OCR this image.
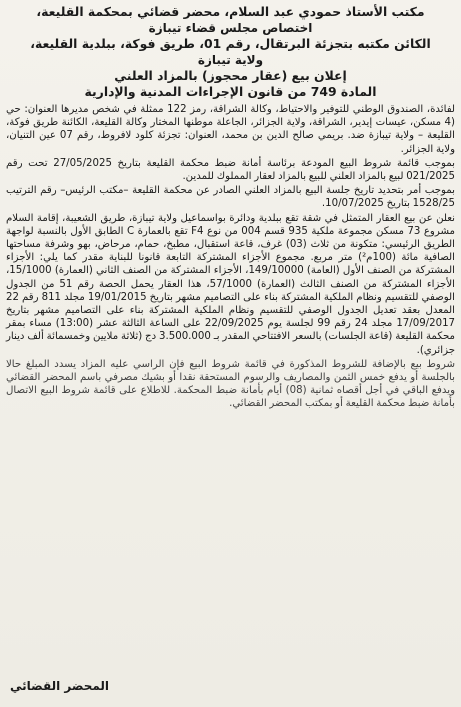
مكتب الأستاذ حمودي عبد السلام، محضر قضائي بمحكمة القليعة،
اختصاص مجلس قضاء تيبازة
الكائن مكتبه بتجزئة البرتقال، رقم 01، طريق فوكة، ببلدية القليعة،
ولاية تيبازة
إعلان بيع (عقار محجوز) بالمزاد العلني
المادة 749 من قانون الإجراءات المدنية والإدارية

لفائدة، الصندوق الوطني للتوفير والاحتياط، وكالة الشراقة، رمز 122 ممثلة في شخص مديرها العنوان: حي (4 مسكن، عيسات إيدير، الشراقة، ولاية الجزائر، الجاعلة موطنها المختار وكالة القليعة، الكائنة طريق فوكة، القليعة – ولاية تيبازة ضد. بريمي صالح الدين بن محمد، العنوان: تجزئة كلود لافروط، رقم 07 عين التنيان، ولاية الجزائر.

بموجب قائمة شروط البيع المودعة برئاسة أمانة ضبط محكمة القليعة بتاريخ 27/05/2025 تحت رقم 021/2025 لبيع بالمزاد العلني للبيع بالمزاد لعقار المملوك للمدين.

بموجب أمر بتحديد تاريخ جلسة البيع بالمزاد العلني الصادر عن محكمة القليعة –مكتب الرئيس– رقم الترتيب 1528/25 بتاريخ 10/07/2025.

نعلن عن بيع العقار المتمثل في شقة تقع ببلدية ودائرة بواسماعيل ولاية تيبازة، طريق الشعيبة، إقامة السلام مشروع 73 مسكن مجموعة ملكية 935 قسم 004 من نوع F4 تقع بالعمارة C الطابق الأول بالنسبة لواجهة الطريق الرئيسي: متكونة من ثلاث (03) غرف، قاعة استقبال، مطبخ، حمام، مرحاض، بهو وشرفة مساحتها الصافية مائة (100م²) متر مربع. مجموع الأجزاء المشتركة التابعة قانونا للبناية مقدر كما يلي: الأجزاء المشتركة من الصنف الأول (العامة) 149/10000، الأجزاء المشتركة من الصنف الثاني (العمارة) 15/1000، الأجزاء المشتركة من الصنف الثالث (العمارة) 57/1000، هذا العقار يحمل الحصة رقم 51 من الجدول الوصفي للتقسيم ونظام الملكية المشتركة بناء على التصاميم مشهر بتاريخ 19/01/2015 مجلد 811 رقم 22 المعدل بعقد تعديل الجدول الوصفي للتقسيم ونظام الملكية المشتركة بناء على التصاميم مشهر بتاريخ 17/09/2017 مجلد 24 رقم 99 لجلسة يوم 22/09/2025 على الساعة الثالثة عشر (13:00) مساء بمقر محكمة القليعة (قاعة الجلسات) بالسعر الافتتاحي المقدر بـ 3.500.000 دج (ثلاثة ملايين وخمسمائة ألف دينار جزائري).

شروط بيع بالإضافة للشروط المذكورة في قائمة شروط البيع فإن الراسي عليه المزاد يسدد المبلغ حالا بالجلسة أو يدفع خمس الثمن والمصاريف والرسوم المستحقة نقدا أو بشيك مصرفي باسم المحضر القضائي ويدفع الباقي في أجل أقصاه ثمانية (08) أيام بأمانة ضبط المحكمة. للاطلاع على قائمة شروط البيع الاتصال بأمانة ضبط محكمة القليعة أو بمكتب المحضر القضائي.

المحضر القضائي
